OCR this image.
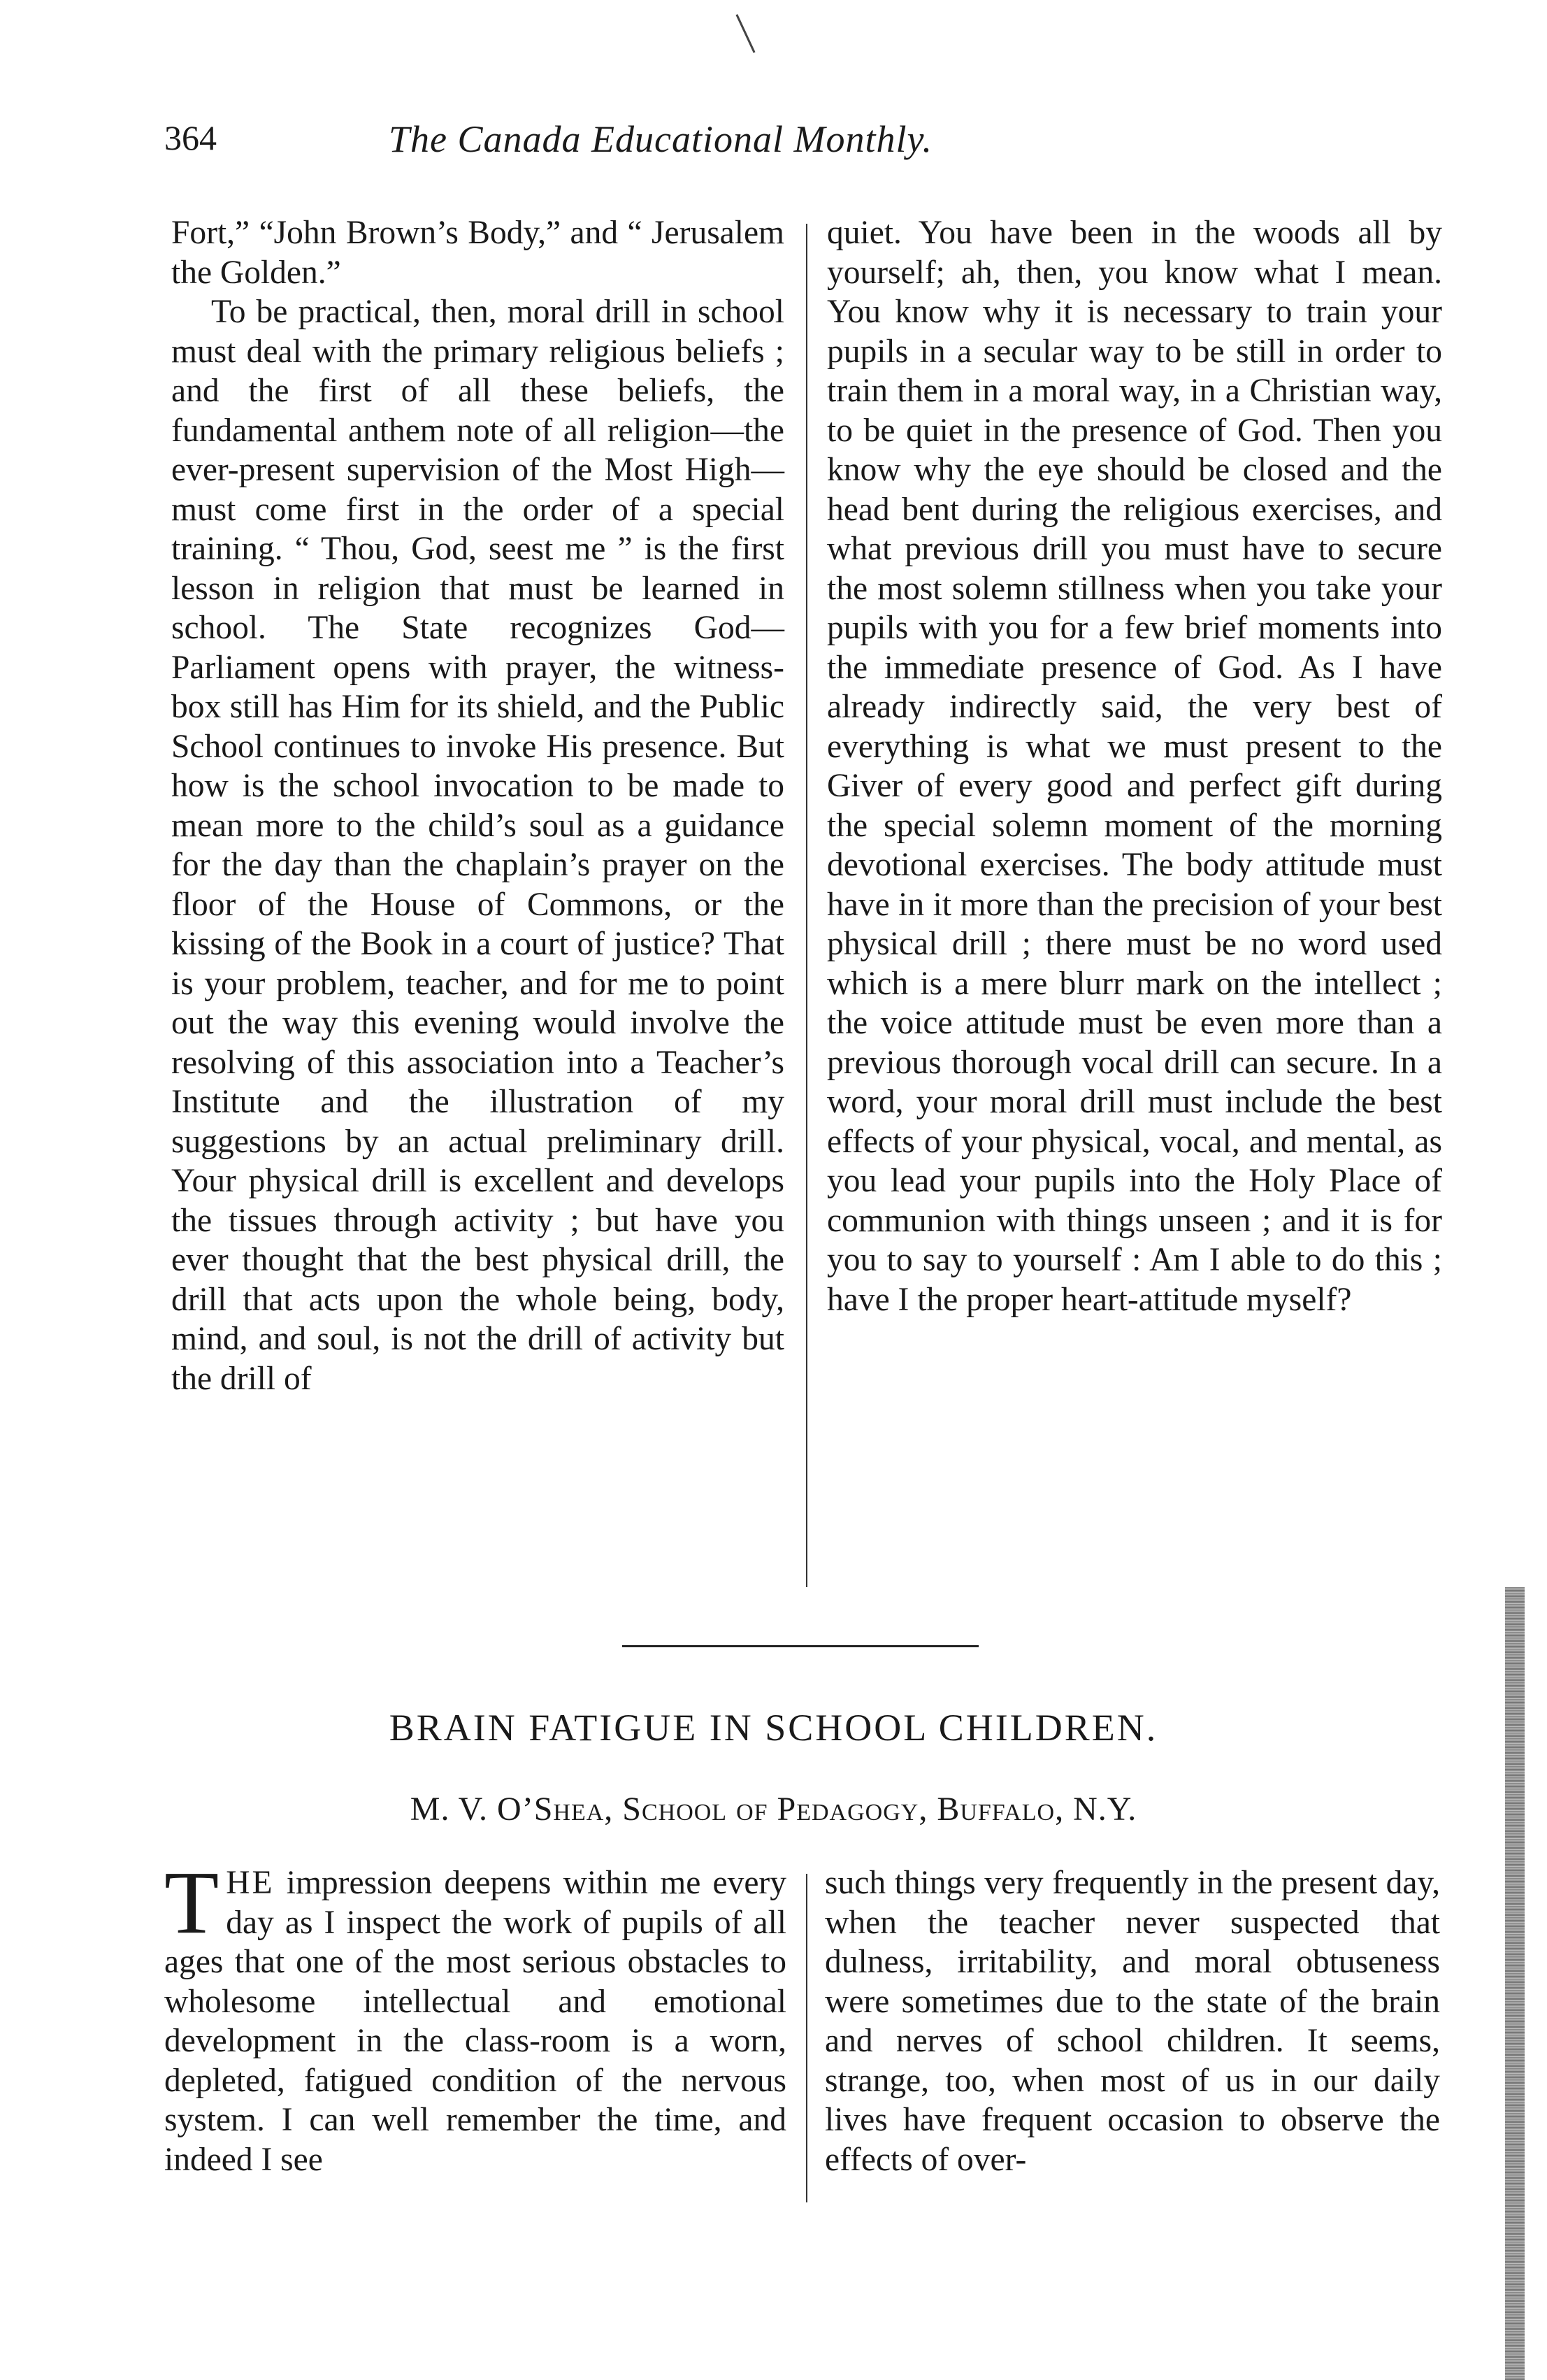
364	The Canada Educational Monthly.

Fort,” “John Brown’s Body,” and “ Jerusalem the Golden.”

To be practical, then, moral drill in school must deal with the primary religious beliefs ; and the first of all these beliefs, the fundamental anthem note of all religion—the ever-present supervision of the Most High—must come first in the order of a special training. “ Thou, God, seest me ” is the first lesson in religion that must be learned in school. The State recognizes God—Parliament opens with prayer, the witness-box still has Him for its shield, and the Public School continues to invoke His presence. But how is the school invocation to be made to mean more to the child’s soul as a guidance for the day than the chaplain’s prayer on the floor of the House of Commons, or the kissing of the Book in a court of justice? That is your problem, teacher, and for me to point out the way this evening would involve the resolving of this association into a Teacher’s Institute and the illustration of my suggestions by an actual preliminary drill. Your physical drill is excellent and develops the tissues through activity ; but have you ever thought that the best physical drill, the drill that acts upon the whole being, body, mind, and soul, is not the drill of activity but the drill of

quiet. You have been in the woods all by yourself; ah, then, you know what I mean. You know why it is necessary to train your pupils in a secular way to be still in order to train them in a moral way, in a Christian way, to be quiet in the presence of God. Then you know why the eye should be closed and the head bent during the religious exercises, and what previous drill you must have to secure the most solemn stillness when you take your pupils with you for a few brief moments into the immediate presence of God. As I have already indirectly said, the very best of everything is what we must present to the Giver of every good and perfect gift during the special solemn moment of the morning devotional exercises. The body attitude must have in it more than the precision of your best physical drill ; there must be no word used which is a mere blurr mark on the intellect ; the voice attitude must be even more than a previous thorough vocal drill can secure. In a word, your moral drill must include the best effects of your physical, vocal, and mental, as you lead your pupils into the Holy Place of communion with things unseen ; and it is for you to say to yourself : Am I able to do this ; have I the proper heart-attitude myself?

BRAIN FATIGUE IN SCHOOL CHILDREN.
M. V. O’Shea, School of Pedagogy, Buffalo, N.Y.

THE impression deepens within me every day as I inspect the work of pupils of all ages that one of the most serious obstacles to wholesome intellectual and emotional development in the class-room is a worn, depleted, fatigued condition of the nervous system. I can well remember the time, and indeed I see

such things very frequently in the present day, when the teacher never suspected that dulness, irritability, and moral obtuseness were sometimes due to the state of the brain and nerves of school children. It seems, strange, too, when most of us in our daily lives have frequent occasion to observe the effects of over-
